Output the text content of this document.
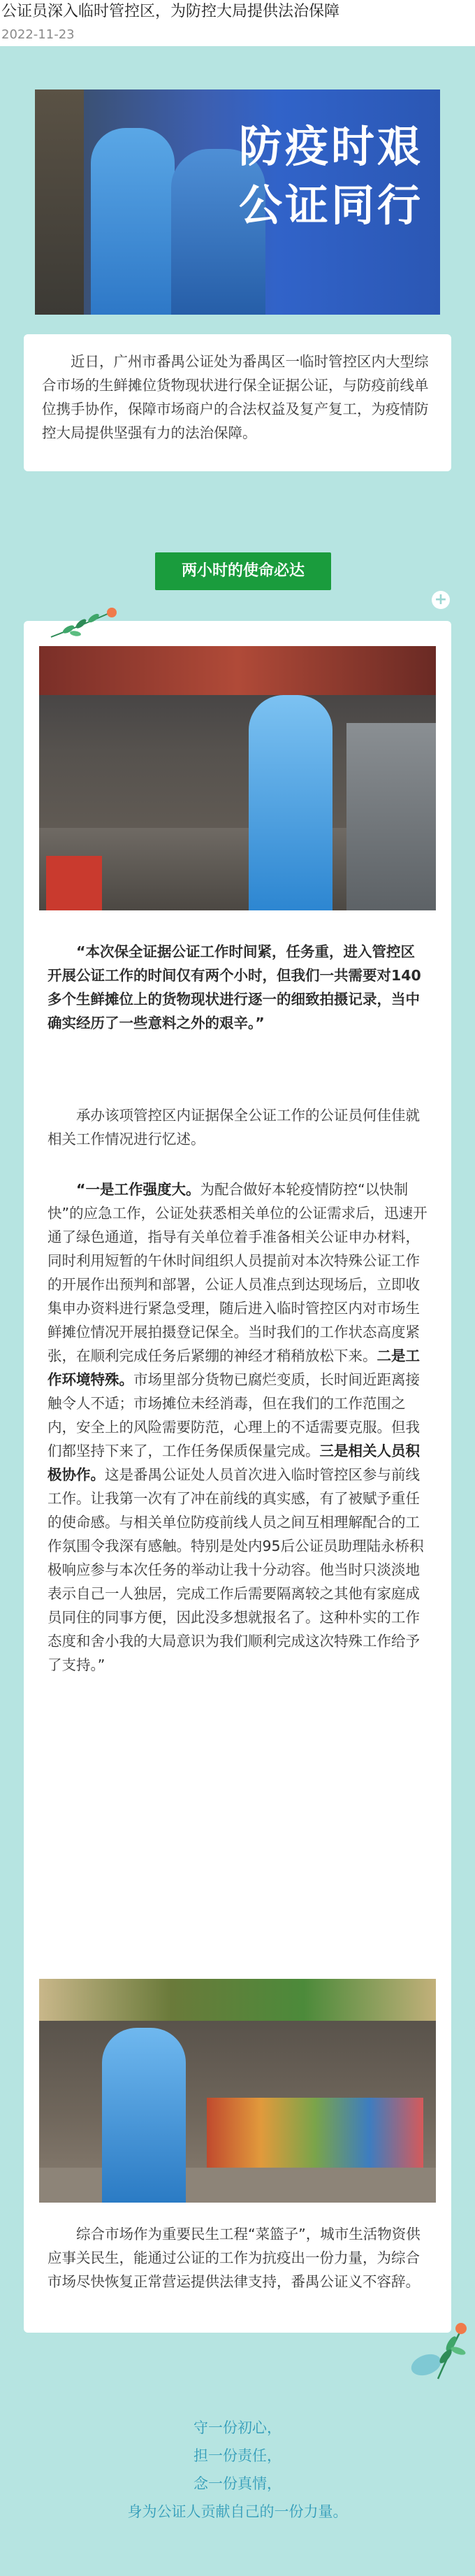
公证员深入临时管控区，为防控大局提供法治保障
2022-11-23
防疫时艰
公证同行
近日，广州市番禺公证处为番禺区一临时管控区内大型综合市场的生鲜摊位货物现状进行保全证据公证，与防疫前线单位携手协作，保障市场商户的合法权益及复产复工，为疫情防控大局提供坚强有力的法治保障。
两小时的使命必达
+
“本次保全证据公证工作时间紧，任务重，进入管控区开展公证工作的时间仅有两个小时，但我们一共需要对140多个生鲜摊位上的货物现状进行逐一的细致拍摄记录，当中确实经历了一些意料之外的艰辛。”
承办该项管控区内证据保全公证工作的公证员何佳佳就相关工作情况进行忆述。
“一是工作强度大。为配合做好本轮疫情防控“以快制快”的应急工作，公证处获悉相关单位的公证需求后，迅速开通了绿色通道，指导有关单位着手准备相关公证申办材料，同时利用短暂的午休时间组织人员提前对本次特殊公证工作的开展作出预判和部署，公证人员准点到达现场后，立即收集申办资料进行紧急受理，随后进入临时管控区内对市场生鲜摊位情况开展拍摄登记保全。当时我们的工作状态高度紧张，在顺利完成任务后紧绷的神经才稍稍放松下来。二是工作环境特殊。市场里部分货物已腐烂变质，长时间近距离接触令人不适；市场摊位未经消毒，但在我们的工作范围之内，安全上的风险需要防范，心理上的不适需要克服。但我们都坚持下来了，工作任务保质保量完成。三是相关人员积极协作。这是番禺公证处人员首次进入临时管控区参与前线工作。让我第一次有了冲在前线的真实感，有了被赋予重任的使命感。与相关单位防疫前线人员之间互相理解配合的工作氛围令我深有感触。特别是处内95后公证员助理陆永桥积极响应参与本次任务的举动让我十分动容。他当时只淡淡地表示自己一人独居，完成工作后需要隔离较之其他有家庭成员同住的同事方便，因此没多想就报名了。这种朴实的工作态度和舍小我的大局意识为我们顺利完成这次特殊工作给予了支持。”
综合市场作为重要民生工程“菜篮子”，城市生活物资供应事关民生，能通过公证的工作为抗疫出一份力量，为综合市场尽快恢复正常营运提供法律支持，番禺公证义不容辞。
守一份初心，
担一份责任，
念一份真情，
身为公证人贡献自己的一份力量。
